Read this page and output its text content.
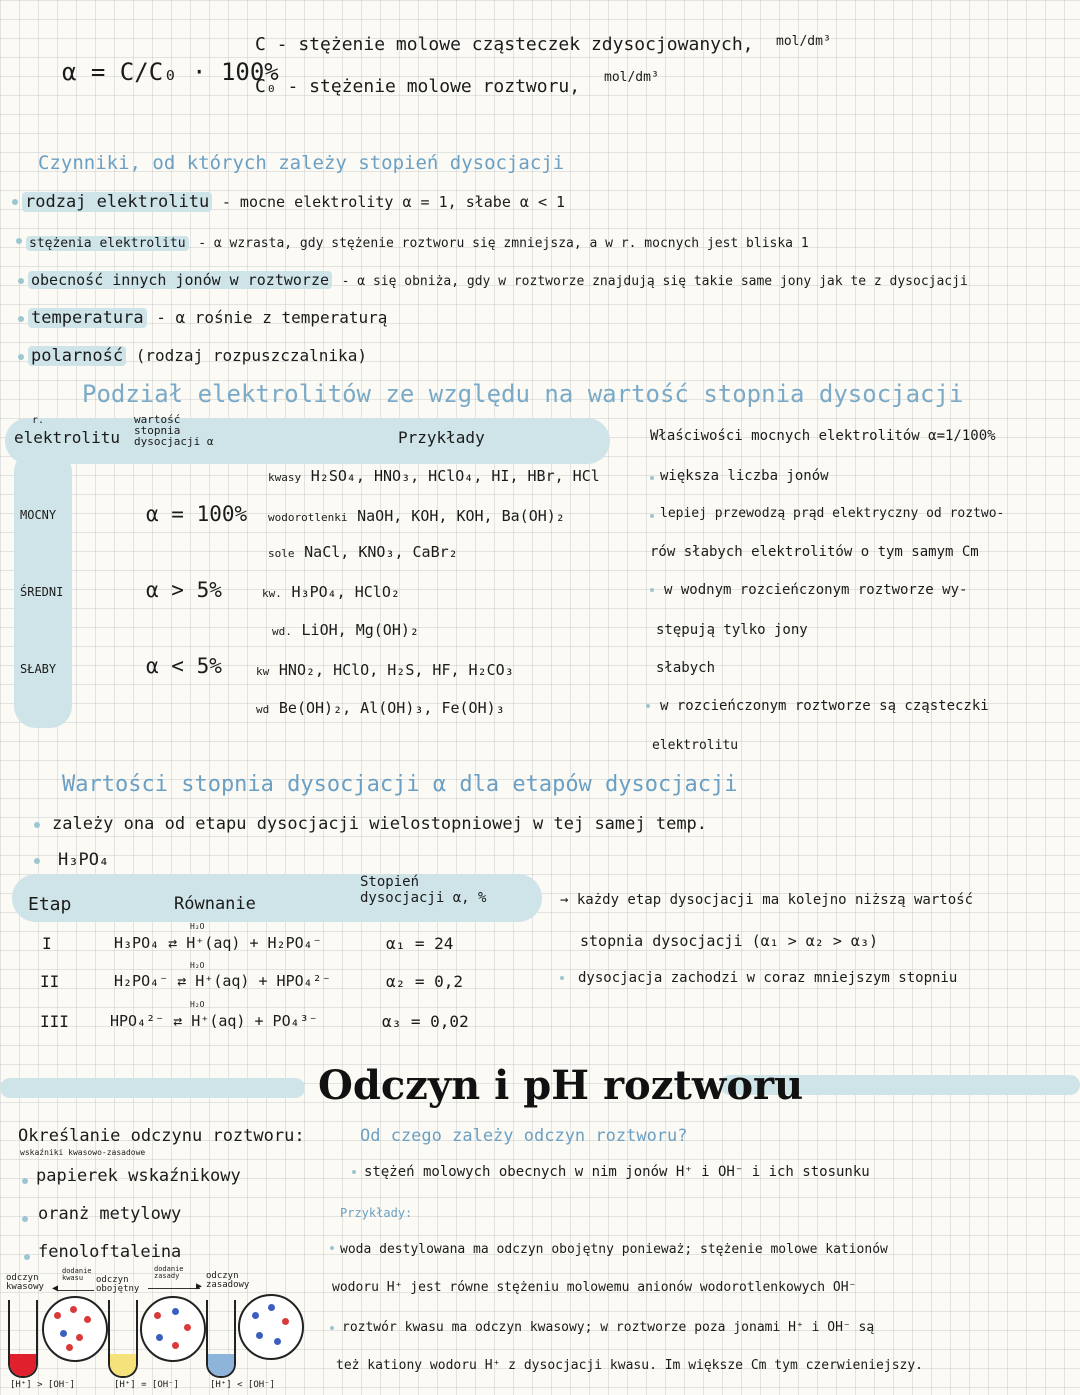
α = C/C₀ · 100%
C - stężenie molowe cząsteczek zdysocjowanych, mol/dm³
C₀ - stężenie molowe roztworu, mol/dm³
Czynniki, od których zależy stopień dysocjacji
rodzaj elektrolitu - mocne elektrolity α = 1, słabe α < 1
stężenia elektrolitu - α wzrasta, gdy stężenie roztworu się zmniejsza, a w r. mocnych jest bliska 1
obecność innych jonów w roztworze - α się obniża, gdy w roztworze znajdują się takie same jony jak te z dysocjacji
temperatura - α rośnie z temperaturą
polarność (rodzaj rozpuszczalnika)
Podział elektrolitów ze względu na wartość stopnia dysocjacji
r.
elektrolitu
wartość stopnia dysocjacji α	Przykłady
MOCNY	α = 100%
kwasy H₂SO₄, HNO₃, HClO₄, HI, HBr, HCl
wodorotlenki NaOH, KOH, KOH, Ba(OH)₂
sole NaCl, KNO₃, CaBr₂
ŚREDNI	α > 5%	kw. H₃PO₄, HClO₂
wd. LiOH, Mg(OH)₂
SŁABY	α < 5%	kw HNO₂, HClO, H₂S, HF, H₂CO₃
wd Be(OH)₂, Al(OH)₃, Fe(OH)₃
Właściwości mocnych elektrolitów α=1/100%
większa liczba jonów
lepiej przewodzą prąd elektryczny od roztwo-
rów słabych elektrolitów o tym samym Cm
w wodnym rozcieńczonym roztworze wy-
stępują tylko jony
słabych
w rozcieńczonym roztworze są cząsteczki
elektrolitu
Wartości stopnia dysocjacji α dla etapów dysocjacji
zależy ona od etapu dysocjacji wielostopniowej w tej samej temp.
H₃PO₄
Etap	Równanie
Stopień dysocjacji α, %
I
H₂O
H₃PO₄ ⇄ H⁺(aq) + H₂PO₄⁻	α₁ = 24
II
H₂O
H₂PO₄⁻ ⇄ H⁺(aq) + HPO₄²⁻	α₂ = 0,2
III
H₂O
HPO₄²⁻ ⇄ H⁺(aq) + PO₄³⁻	α₃ = 0,02
→ każdy etap dysocjacji ma kolejno niższą wartość
stopnia dysocjacji (α₁ > α₂ > α₃)
dysocjacja zachodzi w coraz mniejszym stopniu
Odczyn i pH roztworu
Określanie odczynu roztworu:
wskaźniki kwasowo-zasadowe
papierek wskaźnikowy
oranż metylowy
fenoloftaleina
odczyn kwasowy
dodanie kwasu	odczyn obojętny
dodanie zasady	odczyn zasadowy
◀	▶
[H⁺] > [OH⁻]	[H⁺] = [OH⁻]	[H⁺] < [OH⁻]
Od czego zależy odczyn roztworu?
stężeń molowych obecnych w nim jonów H⁺ i OH⁻ i ich stosunku
Przykłady:
woda destylowana ma odczyn obojętny ponieważ; stężenie molowe kationów
wodoru H⁺ jest równe stężeniu molowemu anionów wodorotlenkowych OH⁻
roztwór kwasu ma odczyn kwasowy; w roztworze poza jonami H⁺ i OH⁻ są
też kationy wodoru H⁺ z dysocjacji kwasu. Im większe Cm tym czerwieniejszy.
